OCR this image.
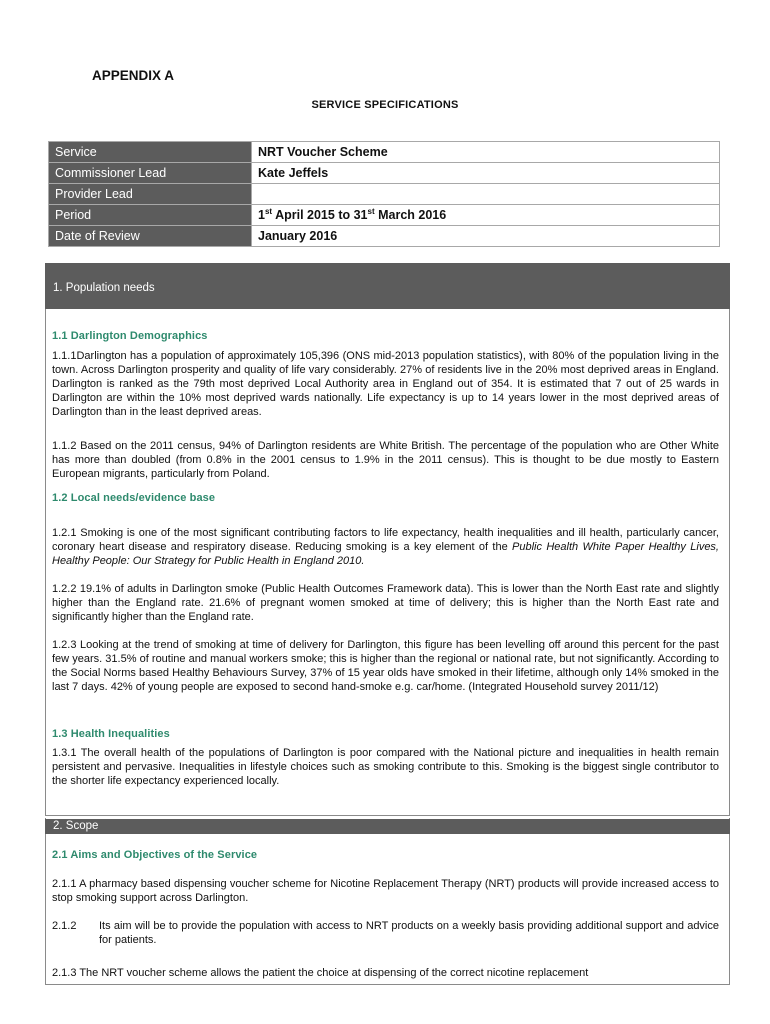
APPENDIX A
SERVICE SPECIFICATIONS
Service	NRT Voucher Scheme
Commissioner Lead	Kate Jeffels
Provider Lead	
Period	1st April 2015 to 31st March 2016
Date of Review	January 2016
1. Population needs
1.1 Darlington Demographics
1.1.1Darlington has a population of approximately 105,396 (ONS mid-2013 population statistics), with 80% of the population living in the town. Across Darlington prosperity and quality of life vary considerably. 27% of residents live in the 20% most deprived areas in England. Darlington is ranked as the 79th most deprived Local Authority area in England out of 354. It is estimated that 7 out of 25 wards in Darlington are within the 10% most deprived wards nationally. Life expectancy is up to 14 years lower in the most deprived areas of Darlington than in the least deprived areas.
1.1.2 Based on the 2011 census, 94% of Darlington residents are White British. The percentage of the population who are Other White has more than doubled (from 0.8% in the 2001 census to 1.9% in the 2011 census). This is thought to be due mostly to Eastern European migrants, particularly from Poland.
1.2 Local needs/evidence base
1.2.1 Smoking is one of the most significant contributing factors to life expectancy, health inequalities and ill health, particularly cancer, coronary heart disease and respiratory disease. Reducing smoking is a key element of the Public Health White Paper Healthy Lives, Healthy People: Our Strategy for Public Health in England 2010.
1.2.2 19.1% of adults in Darlington smoke (Public Health Outcomes Framework data). This is lower than the North East rate and slightly higher than the England rate. 21.6% of pregnant women smoked at time of delivery; this is higher than the North East rate and significantly higher than the England rate.
1.2.3 Looking at the trend of smoking at time of delivery for Darlington, this figure has been levelling off around this percent for the past few years. 31.5% of routine and manual workers smoke; this is higher than the regional or national rate, but not significantly. According to the Social Norms based Healthy Behaviours Survey, 37% of 15 year olds have smoked in their lifetime, although only 14% smoked in the last 7 days. 42% of young people are exposed to second hand-smoke e.g. car/home. (Integrated Household survey 2011/12)
1.3 Health Inequalities
1.3.1 The overall health of the populations of Darlington is poor compared with the National picture and inequalities in health remain persistent and pervasive. Inequalities in lifestyle choices such as smoking contribute to this. Smoking is the biggest single contributor to the shorter life expectancy experienced locally.
2. Scope
2.1 Aims and Objectives of the Service
2.1.1 A pharmacy based dispensing voucher scheme for Nicotine Replacement Therapy (NRT) products will provide increased access to stop smoking support across Darlington.
2.1.2 Its aim will be to provide the population with access to NRT products on a weekly basis providing additional support and advice for patients.
2.1.3 The NRT voucher scheme allows the patient the choice at dispensing of the correct nicotine replacement
